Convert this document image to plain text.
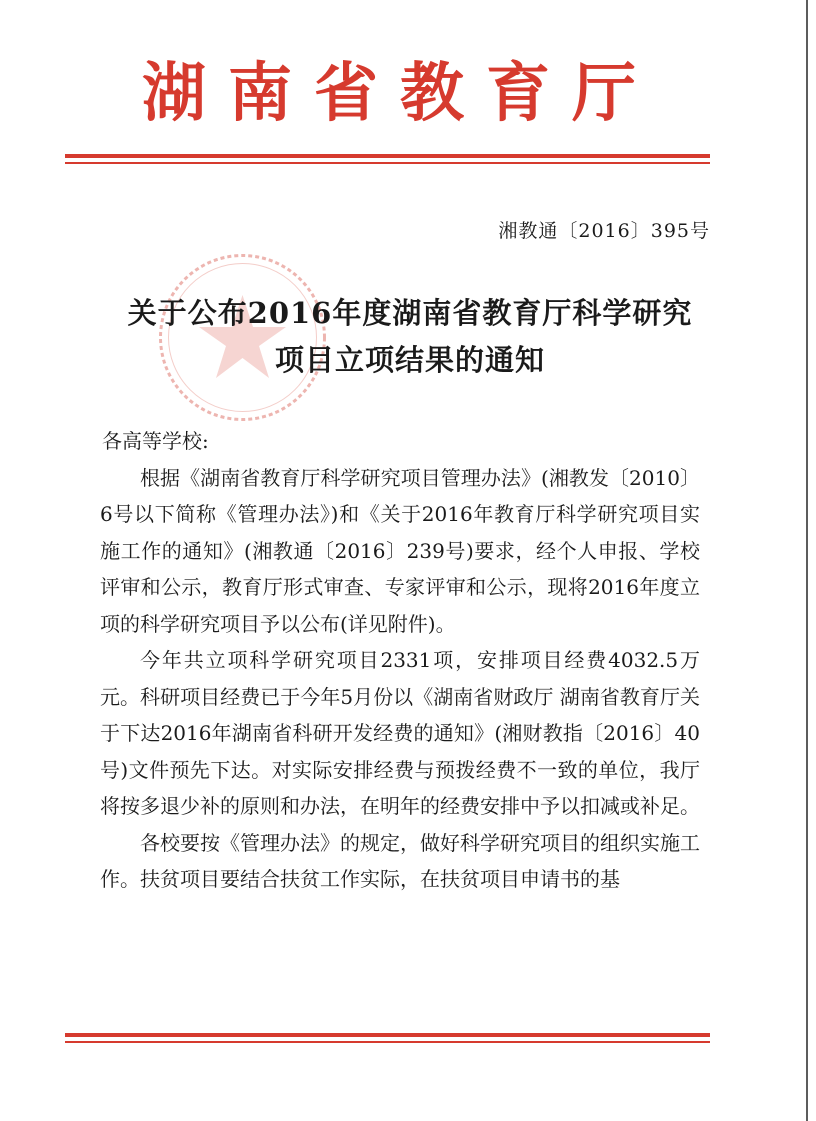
湖南省教育厅
湘教通〔2016〕395号
关于公布2016年度湖南省教育厅科学研究
项目立项结果的通知

各高等学校:

根据《湖南省教育厅科学研究项目管理办法》(湘教发〔2010〕6号以下简称《管理办法》)和《关于2016年教育厅科学研究项目实施工作的通知》(湘教通〔2016〕239号)要求，经个人申报、学校评审和公示，教育厅形式审查、专家评审和公示，现将2016年度立项的科学研究项目予以公布(详见附件)。

今年共立项科学研究项目2331项，安排项目经费4032.5万元。科研项目经费已于今年5月份以《湖南省财政厅 湖南省教育厅关于下达2016年湖南省科研开发经费的通知》(湘财教指〔2016〕40号)文件预先下达。对实际安排经费与预拨经费不一致的单位，我厅将按多退少补的原则和办法，在明年的经费安排中予以扣减或补足。

各校要按《管理办法》的规定，做好科学研究项目的组织实施工作。扶贫项目要结合扶贫工作实际，在扶贫项目申请书的基
